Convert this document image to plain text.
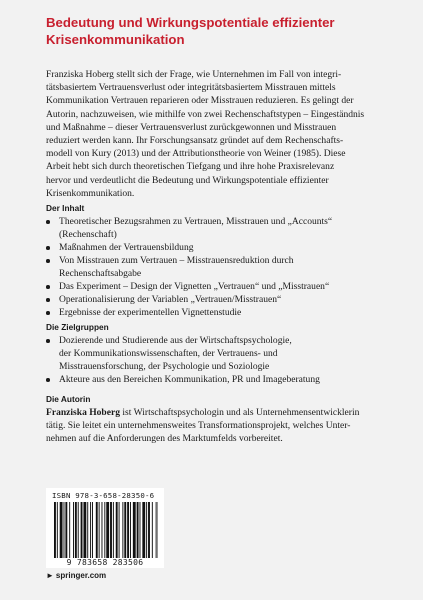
Bedeutung und Wirkungspotentiale effizienter
Krisenkommunikation
Franziska Hoberg stellt sich der Frage, wie Unternehmen im Fall von integri-
tätsbasiertem Vertrauensverlust oder integritätsbasiertem Misstrauen mittels
Kommunikation Vertrauen reparieren oder Misstrauen reduzieren. Es gelingt der
Autorin, nachzuweisen, wie mithilfe von zwei Rechenschaftstypen – Eingeständnis
und Maßnahme – dieser Vertrauensverlust zurückgewonnen und Misstrauen
reduziert werden kann. Ihr Forschungsansatz gründet auf dem Rechenschafts-
modell von Kury (2013) und der Attributionstheorie von Weiner (1985). Diese
Arbeit hebt sich durch theoretischen Tiefgang und ihre hohe Praxisrelevanz
hervor und verdeutlicht die Bedeutung und Wirkungspotentiale effizienter
Krisenkommunikation.
Der Inhalt
Theoretischer Bezugsrahmen zu Vertrauen, Misstrauen und „Accounts“
(Rechenschaft)
Maßnahmen der Vertrauensbildung
Von Misstrauen zum Vertrauen – Misstrauensreduktion durch
Rechenschaftsabgabe
Das Experiment – Design der Vignetten „Vertrauen“ und „Misstrauen“
Operationalisierung der Variablen „Vertrauen/Misstrauen“
Ergebnisse der experimentellen Vignettenstudie
Die Zielgruppen
Dozierende und Studierende aus der Wirtschaftspsychologie,
der Kommunikationswissenschaften, der Vertrauens- und
Misstrauensforschung, der Psychologie und Soziologie
Akteure aus den Bereichen Kommunikation, PR und Imageberatung
Die Autorin
Franziska Hoberg ist Wirtschaftspsychologin und als Unternehmensentwicklerin
tätig. Sie leitet ein unternehmensweites Transformationsprojekt, welches Unter-
nehmen auf die Anforderungen des Marktumfelds vorbereitet.
ISBN 978-3-658-28350-6
9 783658 283506
► springer.com
